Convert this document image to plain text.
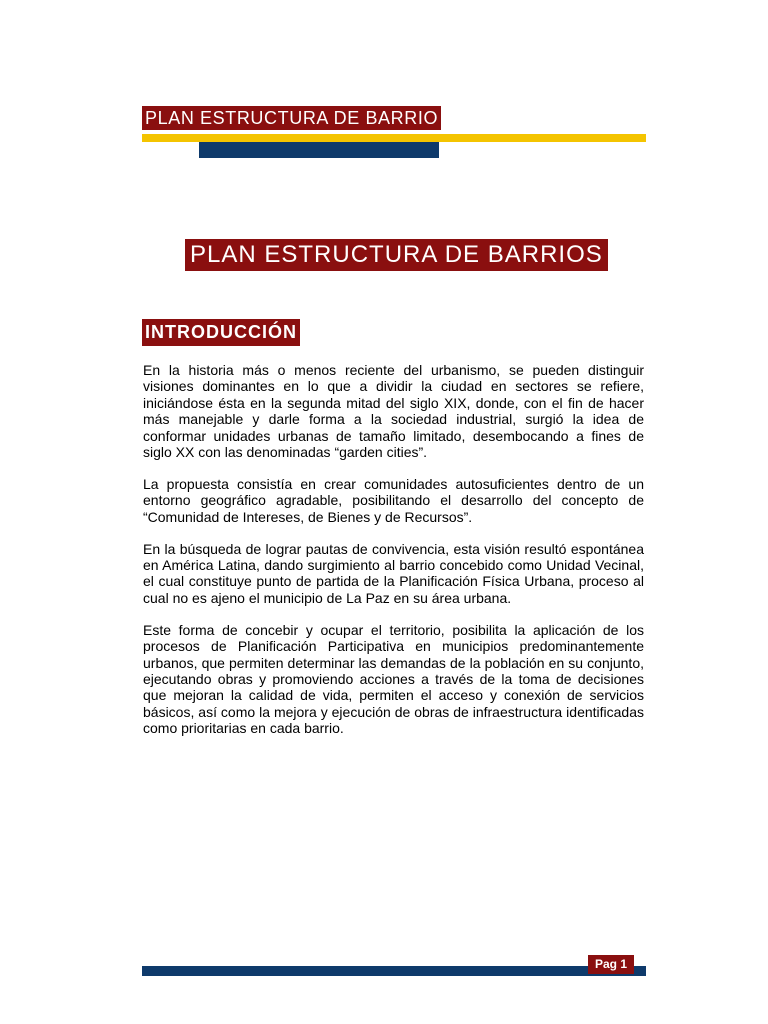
PLAN ESTRUCTURA DE BARRIO
PLAN ESTRUCTURA DE BARRIOS
INTRODUCCIÓN

En la historia más o menos reciente del urbanismo, se pueden distinguir visiones dominantes en lo que a dividir la ciudad en sectores se refiere, iniciándose ésta en la segunda mitad del siglo XIX, donde, con el fin de hacer más manejable y darle forma a la sociedad industrial, surgió la idea de conformar unidades urbanas de tamaño limitado, desembocando a fines de siglo XX con las denominadas “garden cities”.

La propuesta consistía en crear comunidades autosuficientes dentro de un entorno geográfico agradable, posibilitando el desarrollo del concepto de “Comunidad de Intereses, de Bienes y de Recursos”.

En la búsqueda de lograr pautas de convivencia, esta visión resultó espontánea en América Latina, dando surgimiento al barrio concebido como Unidad Vecinal, el cual constituye punto de partida de la Planificación Física Urbana, proceso al cual no es ajeno el municipio de La Paz en su área urbana.

Este forma de concebir y ocupar el territorio, posibilita la aplicación de los procesos de Planificación Participativa en municipios predominantemente urbanos, que permiten determinar las demandas de la población en su conjunto, ejecutando obras y promoviendo acciones a través de la toma de decisiones que mejoran la calidad de vida, permiten el acceso y conexión de servicios básicos, así como la mejora y ejecución de obras de infraestructura identificadas como prioritarias en cada barrio.

Pag 1
